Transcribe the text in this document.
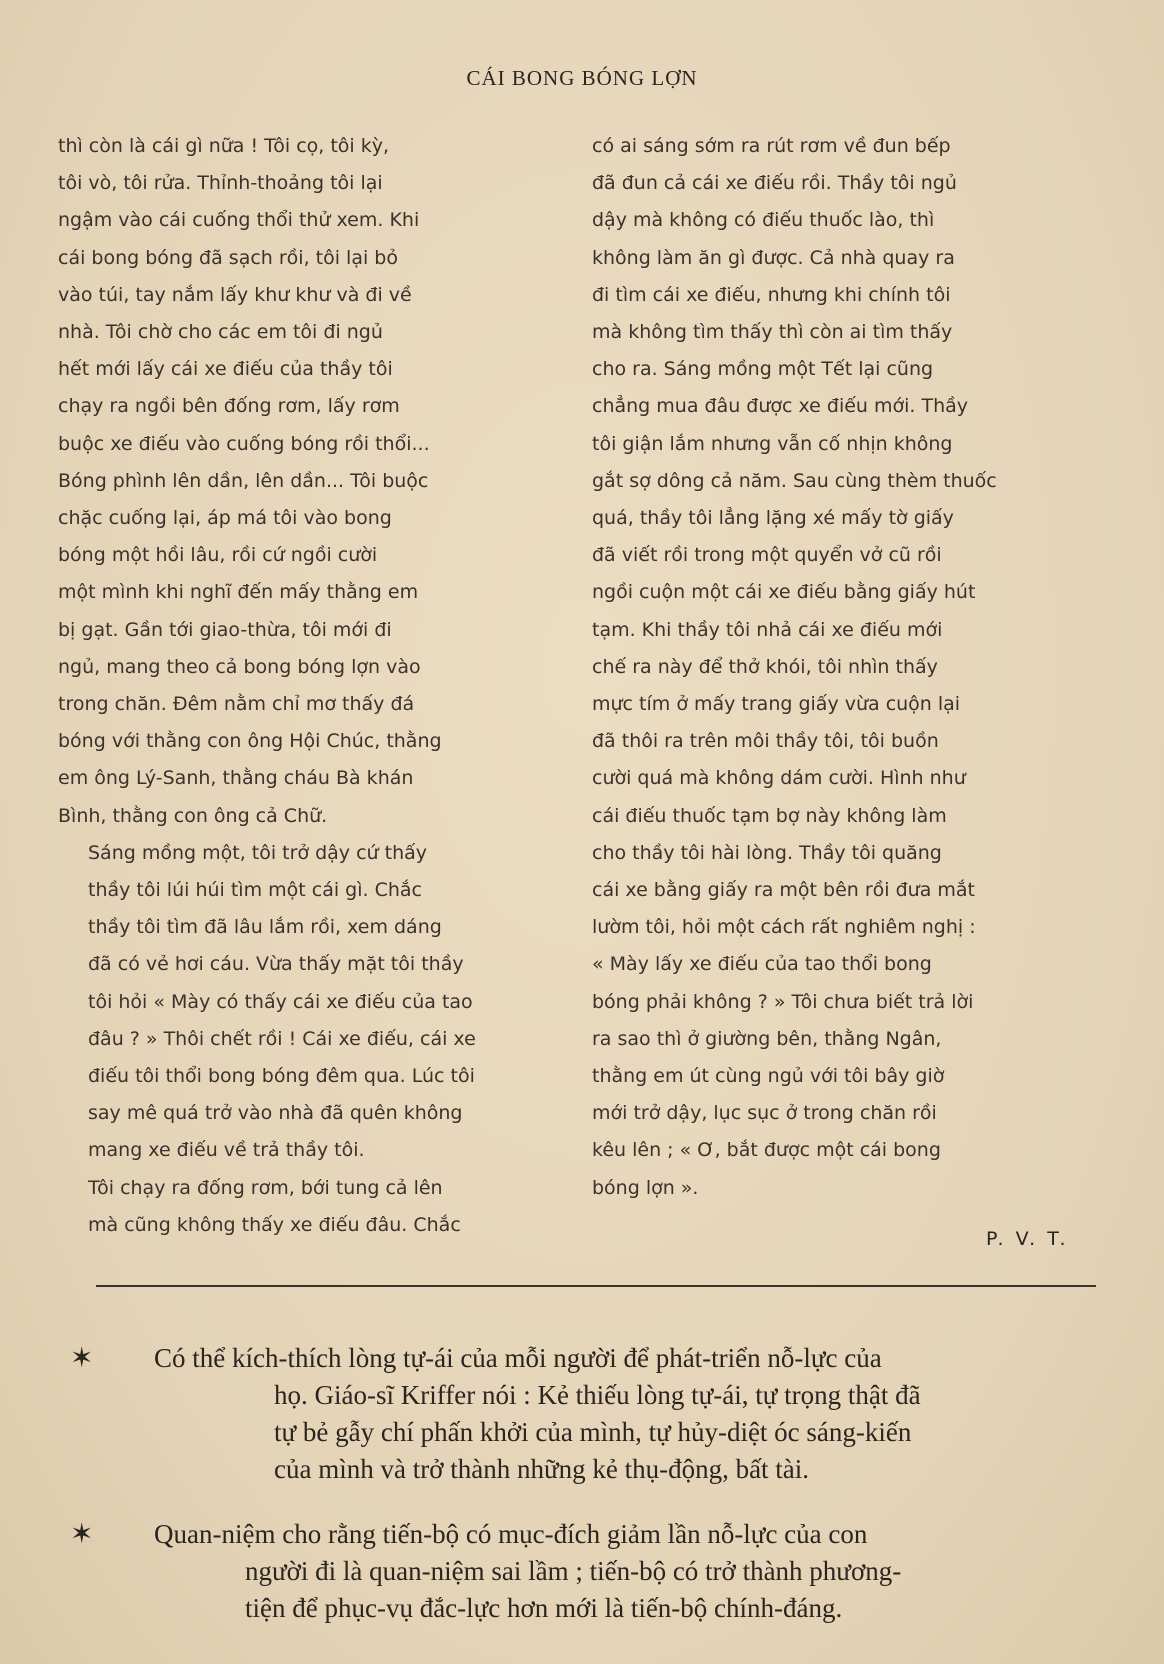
CÁI BONG BÓNG LỢN

thì còn là cái gì nữa ! Tôi cọ, tôi kỳ,
tôi vò, tôi rửa. Thỉnh-thoảng tôi lại
ngậm vào cái cuống thổi thử xem. Khi
cái bong bóng đã sạch rồi, tôi lại bỏ
vào túi, tay nắm lấy khư khư và đi về
nhà. Tôi chờ cho các em tôi đi ngủ
hết mới lấy cái xe điếu của thầy tôi
chạy ra ngồi bên đống rơm, lấy rơm
buộc xe điếu vào cuống bóng rồi thổi...
Bóng phình lên dần, lên dần... Tôi buộc
chặc cuống lại, áp má tôi vào bong
bóng một hồi lâu, rồi cứ ngồi cười
một mình khi nghĩ đến mấy thằng em
bị gạt. Gần tới giao-thừa, tôi mới đi
ngủ, mang theo cả bong bóng lợn vào
trong chăn. Đêm nằm chỉ mơ thấy đá
bóng với thằng con ông Hội Chúc, thằng
em ông Lý-Sanh, thằng cháu Bà khán
Bình, thằng con ông cả Chữ.

Sáng mồng một, tôi trở dậy cứ thấy
thầy tôi lúi húi tìm một cái gì. Chắc
thầy tôi tìm đã lâu lắm rồi, xem dáng
đã có vẻ hơi cáu. Vừa thấy mặt tôi thầy
tôi hỏi « Mày có thấy cái xe điếu của tao
đâu ? » Thôi chết rồi ! Cái xe điếu, cái xe
điếu tôi thổi bong bóng đêm qua. Lúc tôi
say mê quá trở vào nhà đã quên không
mang xe điếu về trả thầy tôi.

Tôi chạy ra đống rơm, bới tung cả lên
mà cũng không thấy xe điếu đâu. Chắc

có ai sáng sớm ra rút rơm về đun bếp
đã đun cả cái xe điếu rồi. Thầy tôi ngủ
dậy mà không có điếu thuốc lào, thì
không làm ăn gì được. Cả nhà quay ra
đi tìm cái xe điếu, nhưng khi chính tôi
mà không tìm thấy thì còn ai tìm thấy
cho ra. Sáng mồng một Tết lại cũng
chẳng mua đâu được xe điếu mới. Thầy
tôi giận lắm nhưng vẫn cố nhịn không
gắt sợ dông cả năm. Sau cùng thèm thuốc
quá, thầy tôi lẳng lặng xé mấy tờ giấy
đã viết rồi trong một quyển vở cũ rồi
ngồi cuộn một cái xe điếu bằng giấy hút
tạm. Khi thầy tôi nhả cái xe điếu mới
chế ra này để thở khói, tôi nhìn thấy
mực tím ở mấy trang giấy vừa cuộn lại
đã thôi ra trên môi thầy tôi, tôi buồn
cười quá mà không dám cười. Hình như
cái điếu thuốc tạm bợ này không làm
cho thầy tôi hài lòng. Thầy tôi quăng
cái xe bằng giấy ra một bên rồi đưa mắt
lườm tôi, hỏi một cách rất nghiêm nghị :
« Mày lấy xe điếu của tao thổi bong
bóng phải không ? » Tôi chưa biết trả lời
ra sao thì ở giường bên, thằng Ngân,
thằng em út cùng ngủ với tôi bây giờ
mới trở dậy, lục sục ở trong chăn rồi
kêu lên ; « Ơ, bắt được một cái bong
bóng lợn ».

P. V. T.
✶	Có thể kích-thích lòng tự-ái của mỗi người để phát-triển nỗ-lực của
họ. Giáo-sĩ Kriffer nói : Kẻ thiếu lòng tự-ái, tự trọng thật đã
tự bẻ gẫy chí phấn khởi của mình, tự hủy-diệt óc sáng-kiến
của mình và trở thành những kẻ thụ-động, bất tài.
✶	Quan-niệm cho rằng tiến-bộ có mục-đích giảm lần nỗ-lực của con
người đi là quan-niệm sai lầm ; tiến-bộ có trở thành phương-
tiện để phục-vụ đắc-lực hơn mới là tiến-bộ chính-đáng.
